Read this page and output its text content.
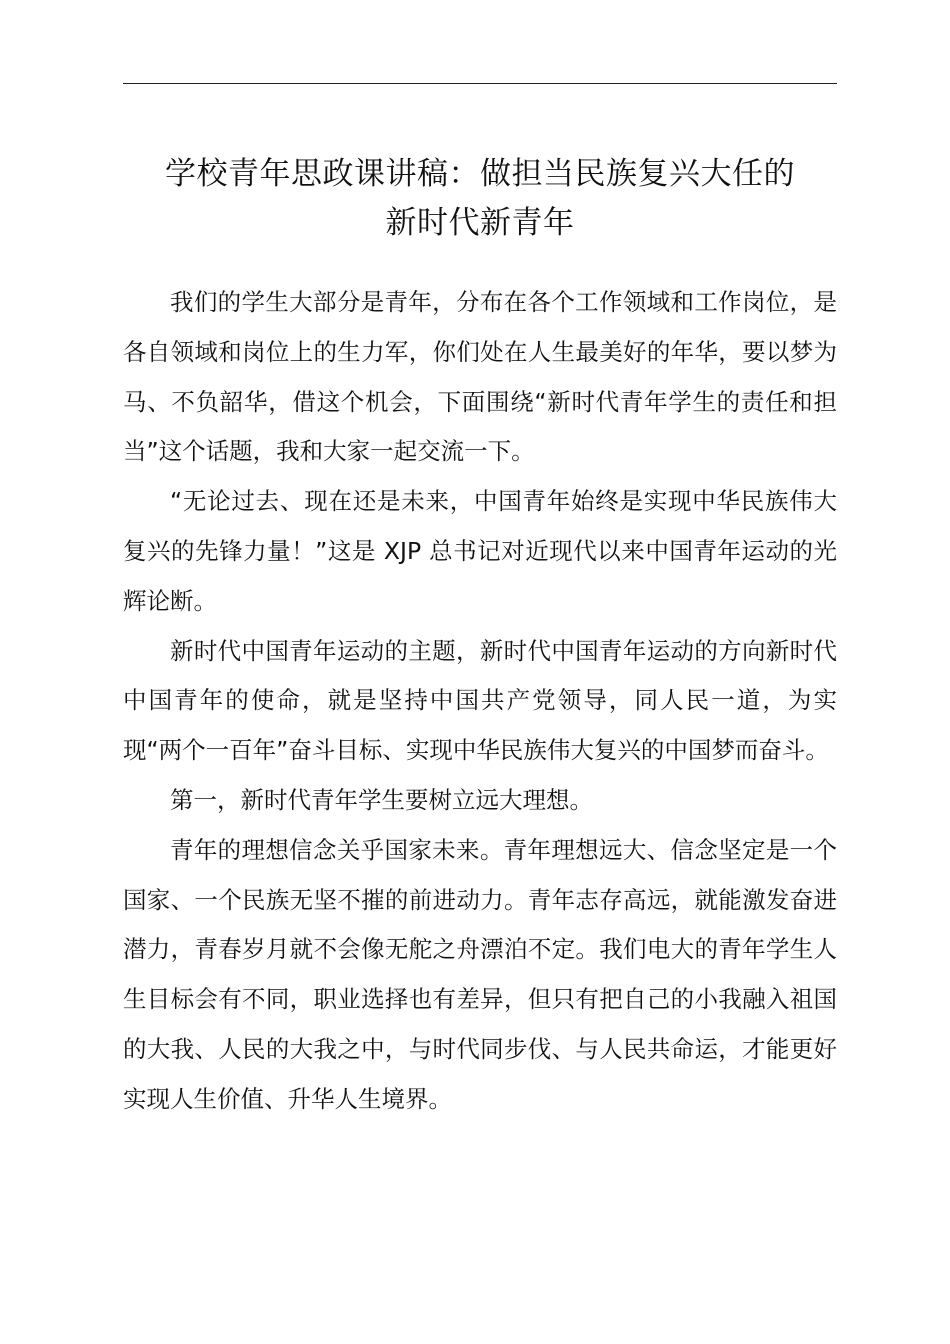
学校青年思政课讲稿：做担当民族复兴大任的
新时代新青年

我们的学生大部分是青年，分布在各个工作领域和工作岗位，是各自领域和岗位上的生力军，你们处在人生最美好的年华，要以梦为马、不负韶华，借这个机会，下面围绕“新时代青年学生的责任和担当”这个话题，我和大家一起交流一下。

“无论过去、现在还是未来，中国青年始终是实现中华民族伟大复兴的先锋力量！”这是 XJP 总书记对近现代以来中国青年运动的光辉论断。

新时代中国青年运动的主题，新时代中国青年运动的方向新时代中国青年的使命，就是坚持中国共产党领导，同人民一道，为实现“两个一百年”奋斗目标、实现中华民族伟大复兴的中国梦而奋斗。

第一，新时代青年学生要树立远大理想。

青年的理想信念关乎国家未来。青年理想远大、信念坚定是一个国家、一个民族无坚不摧的前进动力。青年志存高远，就能激发奋进潜力，青春岁月就不会像无舵之舟漂泊不定。我们电大的青年学生人生目标会有不同，职业选择也有差异，但只有把自己的小我融入祖国的大我、人民的大我之中，与时代同步伐、与人民共命运，才能更好实现人生价值、升华人生境界。
